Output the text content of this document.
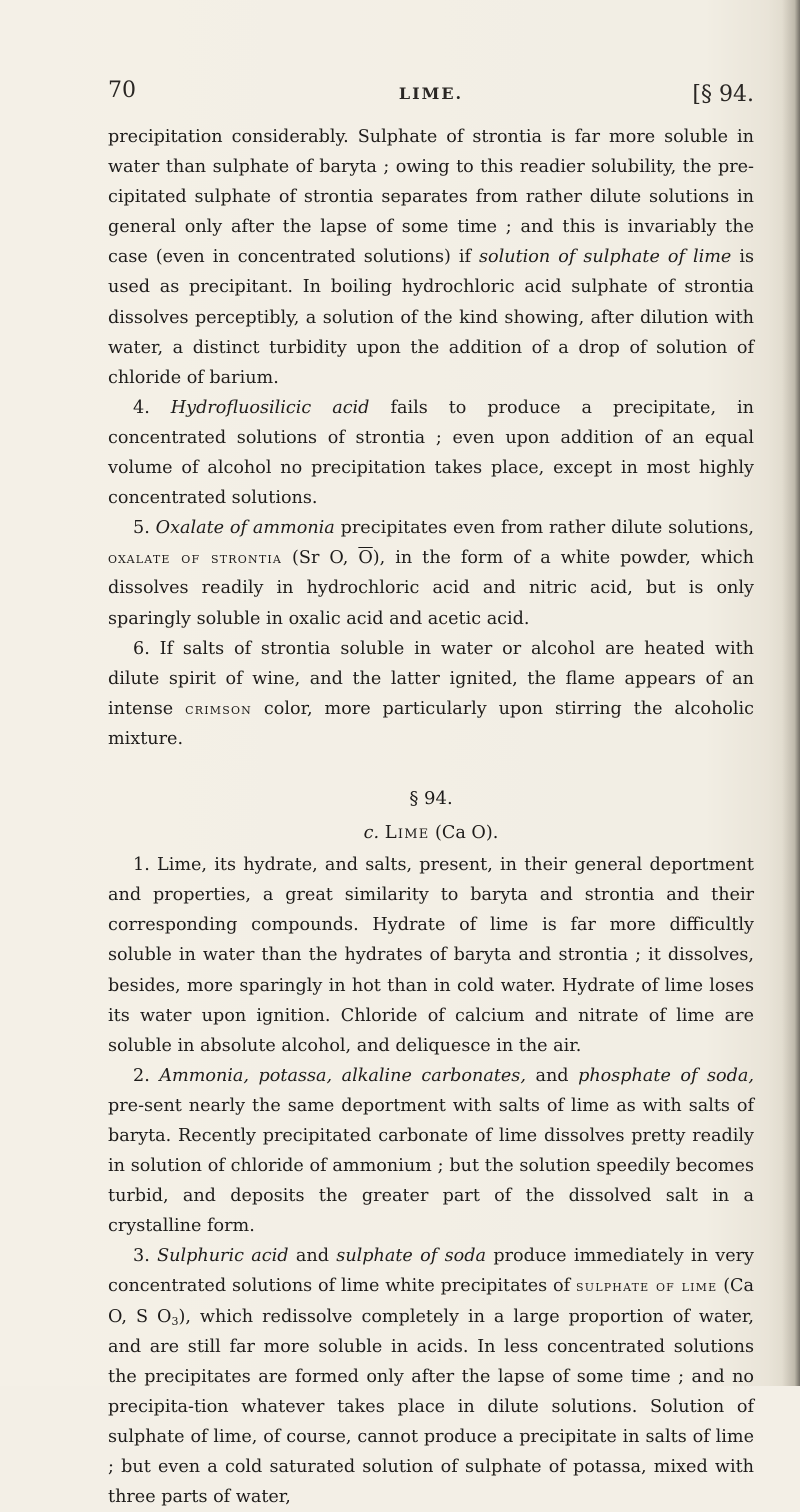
70	LIME.	[§ 94.

precipitation considerably. Sulphate of strontia is far more soluble in water than sulphate of baryta ; owing to this readier solubility, the pre-cipitated sulphate of strontia separates from rather dilute solutions in general only after the lapse of some time ; and this is invariably the case (even in concentrated solutions) if solution of sulphate of lime is used as precipitant. In boiling hydrochloric acid sulphate of strontia dissolves perceptibly, a solution of the kind showing, after dilution with water, a distinct turbidity upon the addition of a drop of solution of chloride of barium.

4. Hydrofluosilicic acid fails to produce a precipitate, in concentrated solutions of strontia ; even upon addition of an equal volume of alcohol no precipitation takes place, except in most highly concentrated solutions.

5. Oxalate of ammonia precipitates even from rather dilute solutions, oxalate of strontia (Sr O, $\overline{O}$), in the form of a white powder, which dissolves readily in hydrochloric acid and nitric acid, but is only sparingly soluble in oxalic acid and acetic acid.

6. If salts of strontia soluble in water or alcohol are heated with dilute spirit of wine, and the latter ignited, the flame appears of an intense crimson color, more particularly upon stirring the alcoholic mixture.

§ 94.

c. Lime (Ca O).

1. Lime, its hydrate, and salts, present, in their general deportment and properties, a great similarity to baryta and strontia and their corresponding compounds. Hydrate of lime is far more difficultly soluble in water than the hydrates of baryta and strontia ; it dissolves, besides, more sparingly in hot than in cold water. Hydrate of lime loses its water upon ignition. Chloride of calcium and nitrate of lime are soluble in absolute alcohol, and deliquesce in the air.

2. Ammonia, potassa, alkaline carbonates, and phosphate of soda, pre-sent nearly the same deportment with salts of lime as with salts of baryta. Recently precipitated carbonate of lime dissolves pretty readily in solution of chloride of ammonium ; but the solution speedily becomes turbid, and deposits the greater part of the dissolved salt in a crystalline form.

3. Sulphuric acid and sulphate of soda produce immediately in very concentrated solutions of lime white precipitates of sulphate of lime (Ca O, S $O_3$), which redissolve completely in a large proportion of water, and are still far more soluble in acids. In less concentrated solutions the precipitates are formed only after the lapse of some time ; and no precipita-tion whatever takes place in dilute solutions. Solution of sulphate of lime, of course, cannot produce a precipitate in salts of lime ; but even a cold saturated solution of sulphate of potassa, mixed with three parts of water,
